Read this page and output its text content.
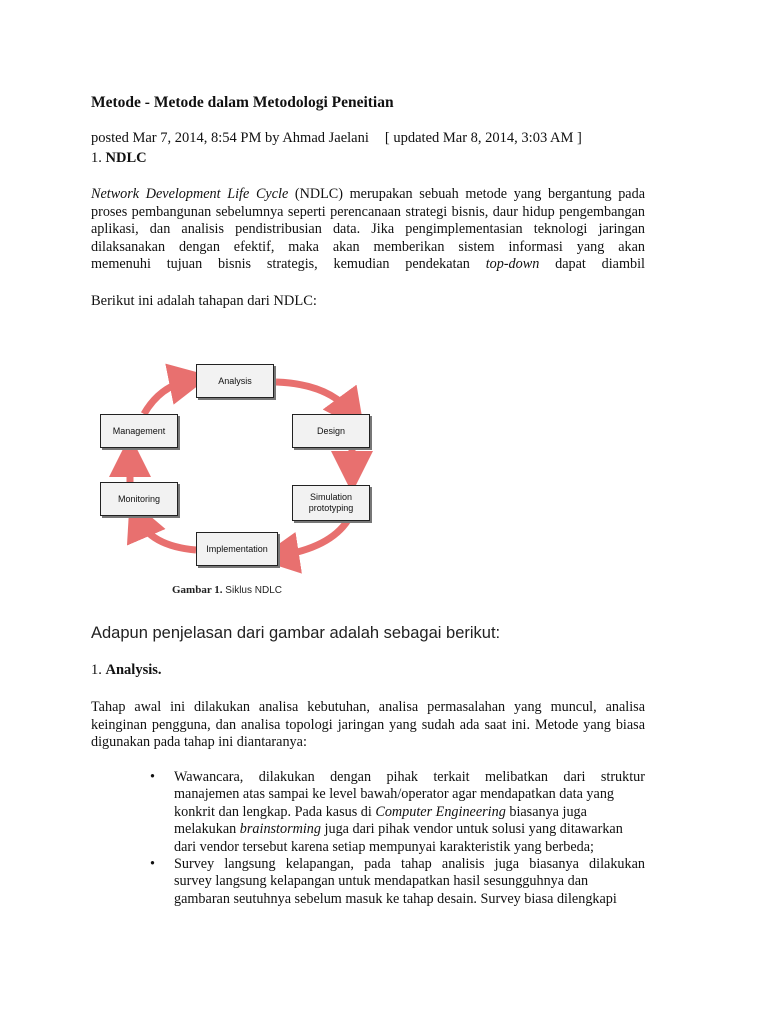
Metode - Metode dalam Metodologi Peneitian
posted Mar 7, 2014, 8:54 PM by Ahmad Jaelani [ updated Mar 8, 2014, 3:03 AM ]
1. NDLC
Network Development Life Cycle (NDLC) merupakan sebuah metode yang bergantung pada
proses pembangunan sebelumnya seperti perencanaan strategi bisnis, daur hidup pengembangan
aplikasi, dan analisis pendistribusian data. Jika pengimplementasian teknologi jaringan
dilaksanakan dengan efektif, maka akan memberikan sistem informasi yang akan
memenuhi tujuan bisnis strategis, kemudian pendekatan top-down dapat diambil
Berikut ini adalah tahapan dari NDLC:
Analysis
Design
Simulation
prototyping
Implementation
Monitoring
Management
Gambar 1. Siklus NDLC
Adapun penjelasan dari gambar adalah sebagai berikut:
1. Analysis.
Tahap awal ini dilakukan analisa kebutuhan, analisa permasalahan yang muncul, analisa
keinginan pengguna, dan analisa topologi jaringan yang sudah ada saat ini. Metode yang biasa
digunakan pada tahap ini diantaranya:
• Wawancara, dilakukan dengan pihak terkait melibatkan dari struktur
manajemen atas sampai ke level bawah/operator agar mendapatkan data yang
konkrit dan lengkap. Pada kasus di Computer Engineering biasanya juga
melakukan brainstorming juga dari pihak vendor untuk solusi yang ditawarkan
dari vendor tersebut karena setiap mempunyai karakteristik yang berbeda;
• Survey langsung kelapangan, pada tahap analisis juga biasanya dilakukan
survey langsung kelapangan untuk mendapatkan hasil sesungguhnya dan
gambaran seutuhnya sebelum masuk ke tahap desain. Survey biasa dilengkapi
